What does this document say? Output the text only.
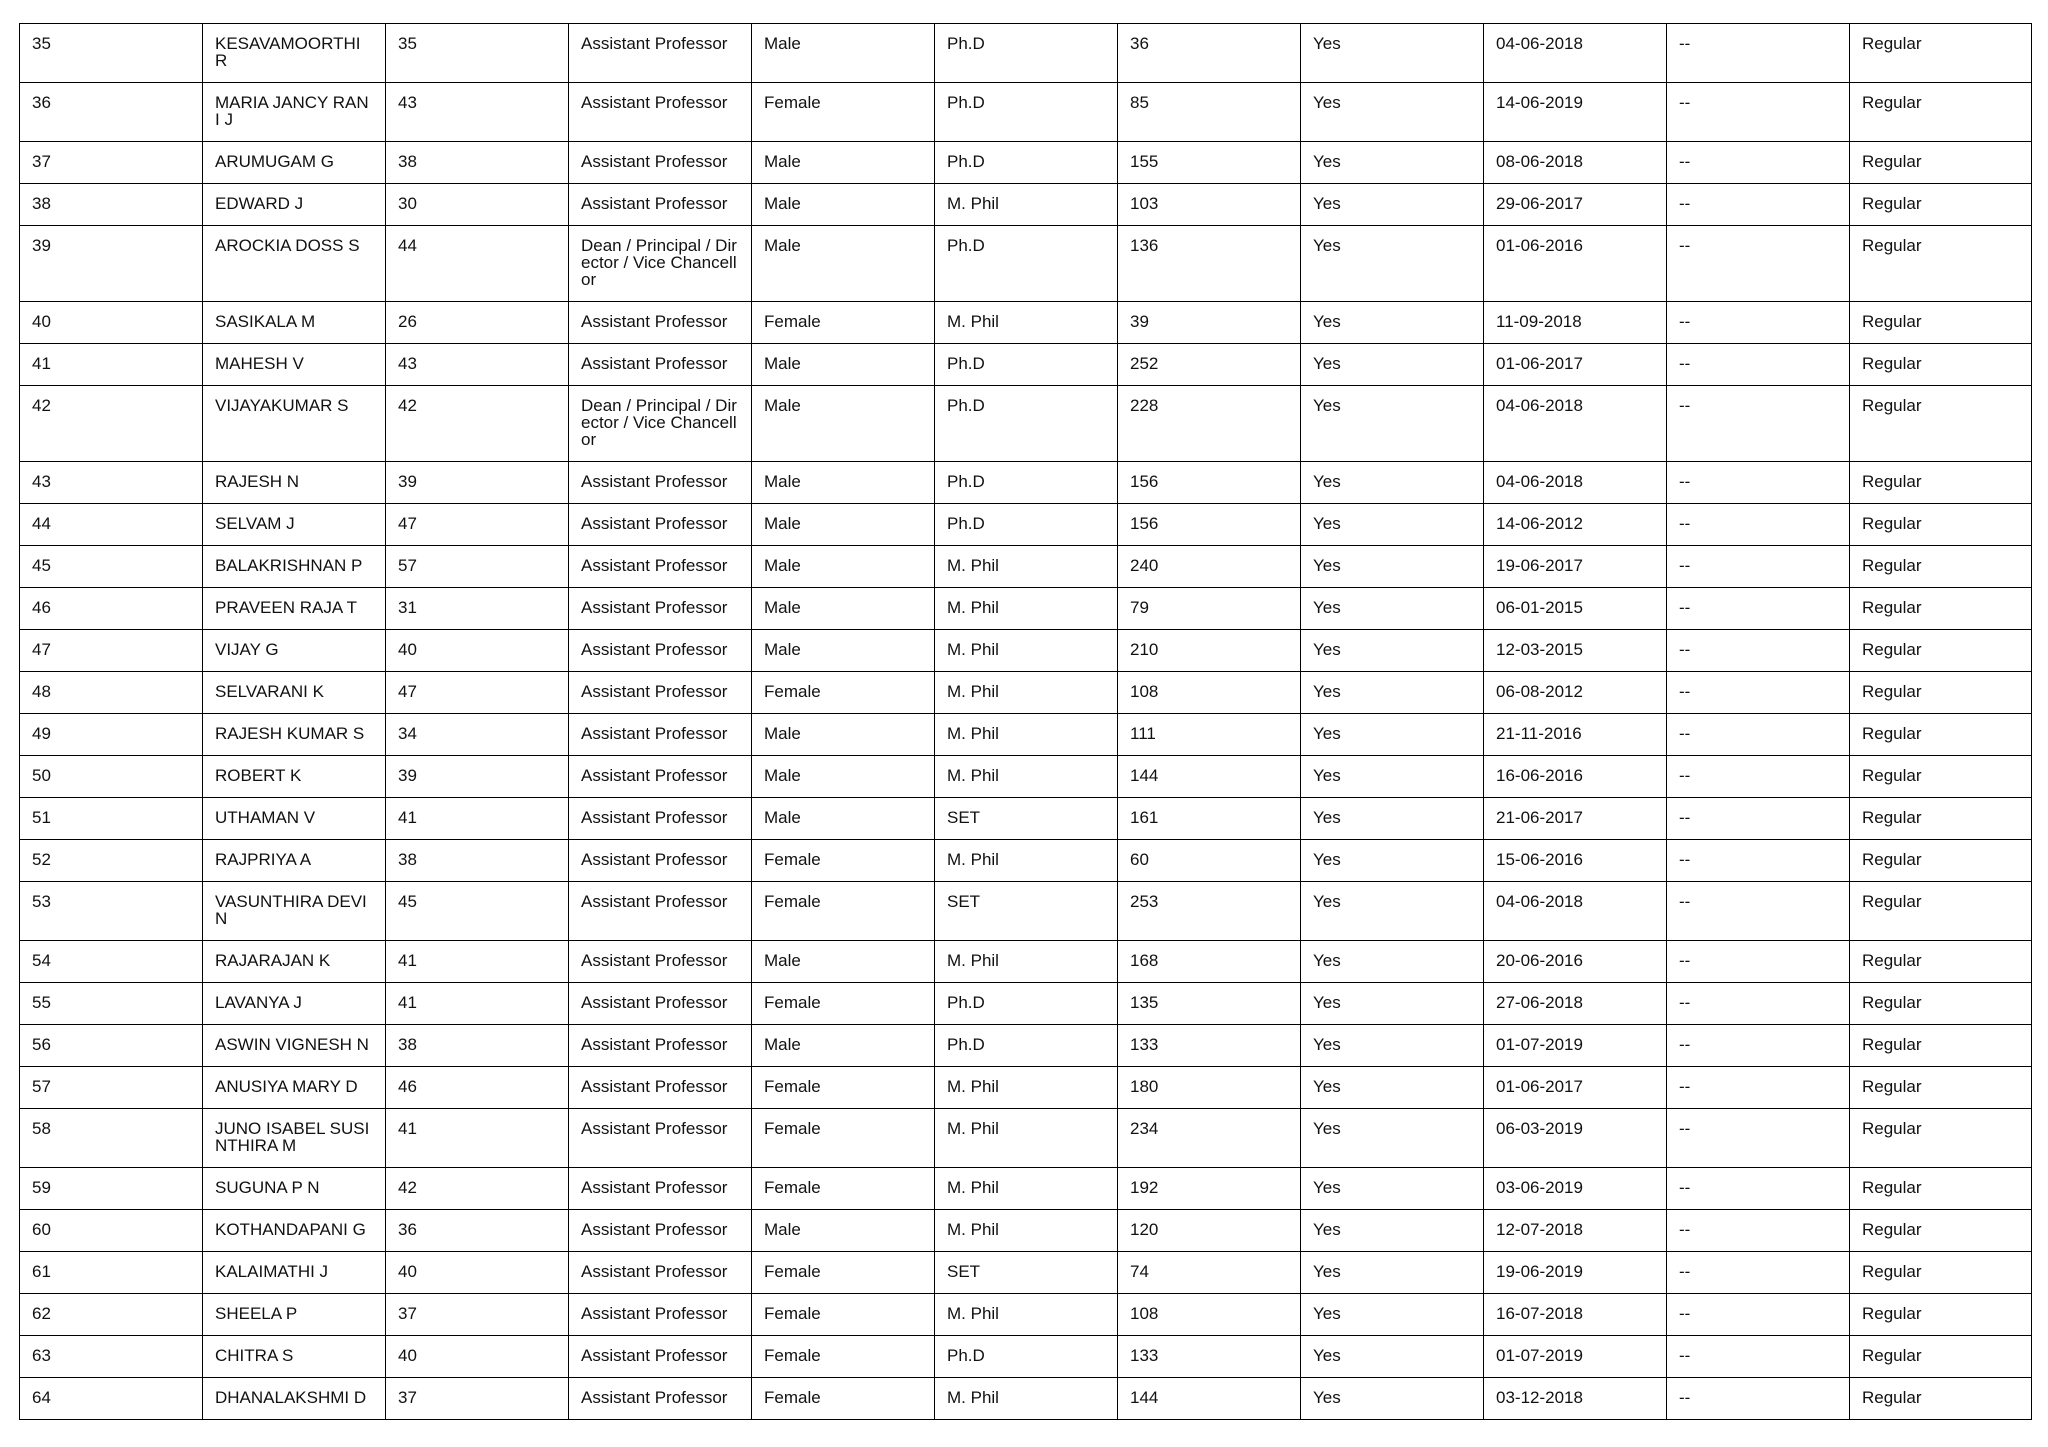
35	KESAVAMOORTHI R	35	Assistant Professor	Male	Ph.D	36	Yes	04-06-2018	--	Regular
36	MARIA JANCY RANI J	43	Assistant Professor	Female	Ph.D	85	Yes	14-06-2019	--	Regular
37	ARUMUGAM G	38	Assistant Professor	Male	Ph.D	155	Yes	08-06-2018	--	Regular
38	EDWARD J	30	Assistant Professor	Male	M. Phil	103	Yes	29-06-2017	--	Regular
39	AROCKIA DOSS S	44	Dean / Principal / Director / Vice Chancellor	Male	Ph.D	136	Yes	01-06-2016	--	Regular
40	SASIKALA M	26	Assistant Professor	Female	M. Phil	39	Yes	11-09-2018	--	Regular
41	MAHESH V	43	Assistant Professor	Male	Ph.D	252	Yes	01-06-2017	--	Regular
42	VIJAYAKUMAR S	42	Dean / Principal / Director / Vice Chancellor	Male	Ph.D	228	Yes	04-06-2018	--	Regular
43	RAJESH N	39	Assistant Professor	Male	Ph.D	156	Yes	04-06-2018	--	Regular
44	SELVAM J	47	Assistant Professor	Male	Ph.D	156	Yes	14-06-2012	--	Regular
45	BALAKRISHNAN P	57	Assistant Professor	Male	M. Phil	240	Yes	19-06-2017	--	Regular
46	PRAVEEN RAJA T	31	Assistant Professor	Male	M. Phil	79	Yes	06-01-2015	--	Regular
47	VIJAY G	40	Assistant Professor	Male	M. Phil	210	Yes	12-03-2015	--	Regular
48	SELVARANI K	47	Assistant Professor	Female	M. Phil	108	Yes	06-08-2012	--	Regular
49	RAJESH KUMAR S	34	Assistant Professor	Male	M. Phil	111	Yes	21-11-2016	--	Regular
50	ROBERT K	39	Assistant Professor	Male	M. Phil	144	Yes	16-06-2016	--	Regular
51	UTHAMAN V	41	Assistant Professor	Male	SET	161	Yes	21-06-2017	--	Regular
52	RAJPRIYA A	38	Assistant Professor	Female	M. Phil	60	Yes	15-06-2016	--	Regular
53	VASUNTHIRA DEVI N	45	Assistant Professor	Female	SET	253	Yes	04-06-2018	--	Regular
54	RAJARAJAN K	41	Assistant Professor	Male	M. Phil	168	Yes	20-06-2016	--	Regular
55	LAVANYA J	41	Assistant Professor	Female	Ph.D	135	Yes	27-06-2018	--	Regular
56	ASWIN VIGNESH N	38	Assistant Professor	Male	Ph.D	133	Yes	01-07-2019	--	Regular
57	ANUSIYA MARY D	46	Assistant Professor	Female	M. Phil	180	Yes	01-06-2017	--	Regular
58	JUNO ISABEL SUSINTHIRA M	41	Assistant Professor	Female	M. Phil	234	Yes	06-03-2019	--	Regular
59	SUGUNA P N	42	Assistant Professor	Female	M. Phil	192	Yes	03-06-2019	--	Regular
60	KOTHANDAPANI G	36	Assistant Professor	Male	M. Phil	120	Yes	12-07-2018	--	Regular
61	KALAIMATHI J	40	Assistant Professor	Female	SET	74	Yes	19-06-2019	--	Regular
62	SHEELA P	37	Assistant Professor	Female	M. Phil	108	Yes	16-07-2018	--	Regular
63	CHITRA S	40	Assistant Professor	Female	Ph.D	133	Yes	01-07-2019	--	Regular
64	DHANALAKSHMI D	37	Assistant Professor	Female	M. Phil	144	Yes	03-12-2018	--	Regular
